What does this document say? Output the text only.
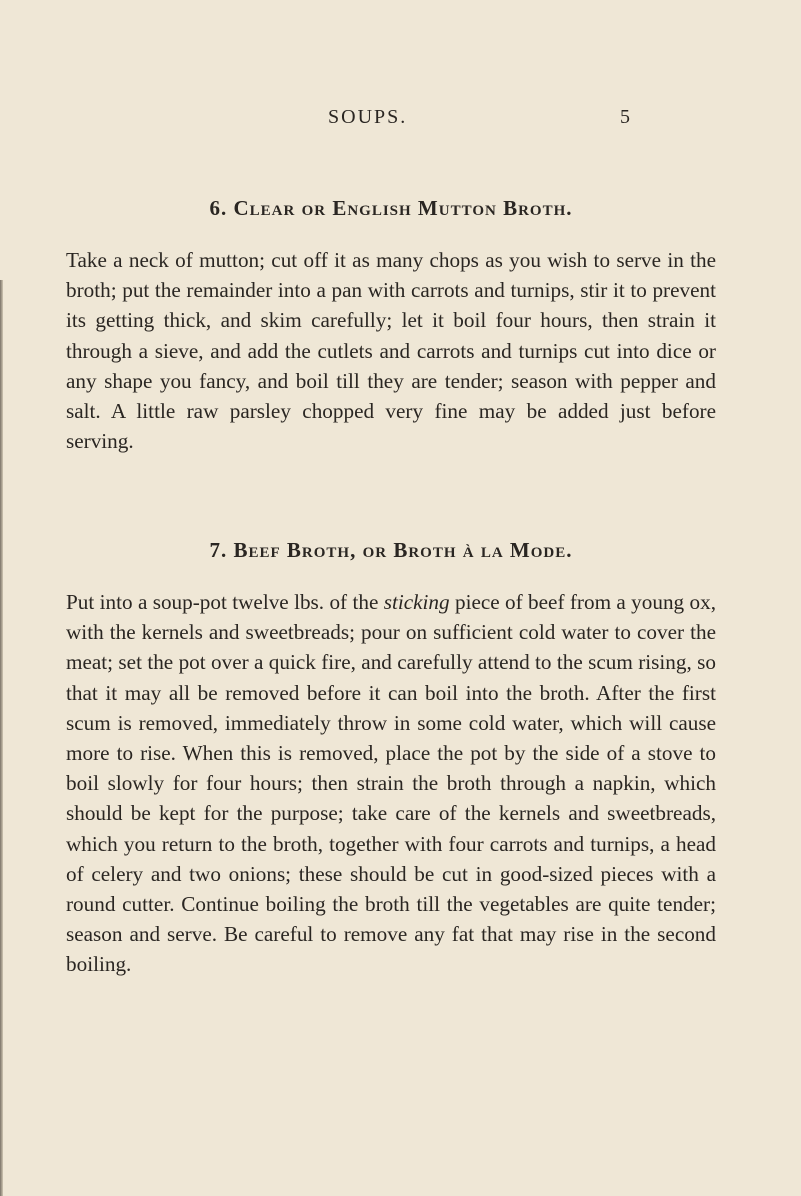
SOUPS.	5
6. Clear or English Mutton Broth.

Take a neck of mutton; cut off it as many chops as you wish to serve in the broth; put the remainder into a pan with carrots and turnips, stir it to prevent its getting thick, and skim carefully; let it boil four hours, then strain it through a sieve, and add the cutlets and carrots and turnips cut into dice or any shape you fancy, and boil till they are tender; season with pepper and salt. A little raw parsley chopped very fine may be added just before serving.

7. Beef Broth, or Broth à la Mode.

Put into a soup-pot twelve lbs. of the sticking piece of beef from a young ox, with the kernels and sweetbreads; pour on sufficient cold water to cover the meat; set the pot over a quick fire, and carefully attend to the scum rising, so that it may all be removed before it can boil into the broth. After the first scum is removed, immediately throw in some cold water, which will cause more to rise. When this is removed, place the pot by the side of a stove to boil slowly for four hours; then strain the broth through a napkin, which should be kept for the purpose; take care of the kernels and sweetbreads, which you return to the broth, together with four carrots and turnips, a head of celery and two onions; these should be cut in good-sized pieces with a round cutter. Continue boiling the broth till the vegetables are quite tender; season and serve. Be careful to remove any fat that may rise in the second boiling.
